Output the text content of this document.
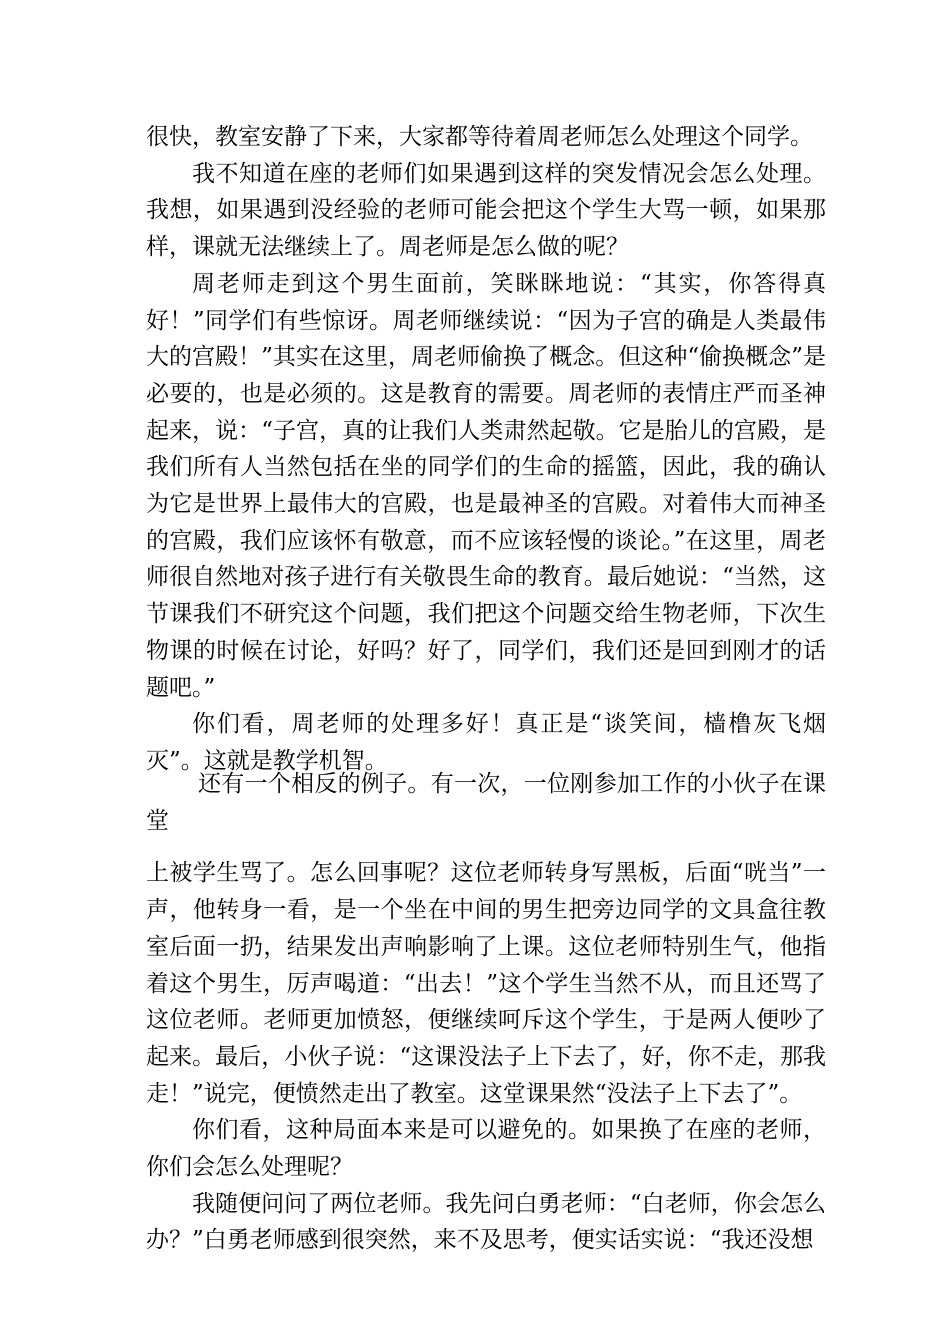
很快，教室安静了下来，大家都等待着周老师怎么处理这个同学。

我不知道在座的老师们如果遇到这样的突发情况会怎么处理。我想，如果遇到没经验的老师可能会把这个学生大骂一顿，如果那样，课就无法继续上了。周老师是怎么做的呢？

周老师走到这个男生面前，笑眯眯地说：“其实，你答得真好！”同学们有些惊讶。周老师继续说：“因为子宫的确是人类最伟大的宫殿！”其实在这里，周老师偷换了概念。但这种“偷换概念”是必要的，也是必须的。这是教育的需要。周老师的表情庄严而圣神起来，说：“子宫，真的让我们人类肃然起敬。它是胎儿的宫殿，是我们所有人当然包括在坐的同学们的生命的摇篮，因此，我的确认为它是世界上最伟大的宫殿，也是最神圣的宫殿。对着伟大而神圣的宫殿，我们应该怀有敬意，而不应该轻慢的谈论。”在这里，周老师很自然地对孩子进行有关敬畏生命的教育。最后她说：“当然，这节课我们不研究这个问题，我们把这个问题交给生物老师，下次生物课的时候在讨论，好吗？好了，同学们，我们还是回到刚才的话题吧。”

你们看，周老师的处理多好！真正是“谈笑间，樯橹灰飞烟灭”。这就是教学机智。

还有一个相反的例子。有一次，一位刚参加工作的小伙子在课堂

上被学生骂了。怎么回事呢？这位老师转身写黑板，后面“咣当”一声，他转身一看，是一个坐在中间的男生把旁边同学的文具盒往教室后面一扔，结果发出声响影响了上课。这位老师特别生气，他指着这个男生，厉声喝道：“出去！”这个学生当然不从，而且还骂了这位老师。老师更加愤怒，便继续呵斥这个学生，于是两人便吵了起来。最后，小伙子说：“这课没法子上下去了，好，你不走，那我走！”说完，便愤然走出了教室。这堂课果然“没法子上下去了”。

你们看，这种局面本来是可以避免的。如果换了在座的老师，你们会怎么处理呢？

我随便问问了两位老师。我先问白勇老师：“白老师，你会怎么办？”白勇老师感到很突然，来不及思考，便实话实说：“我还没想
